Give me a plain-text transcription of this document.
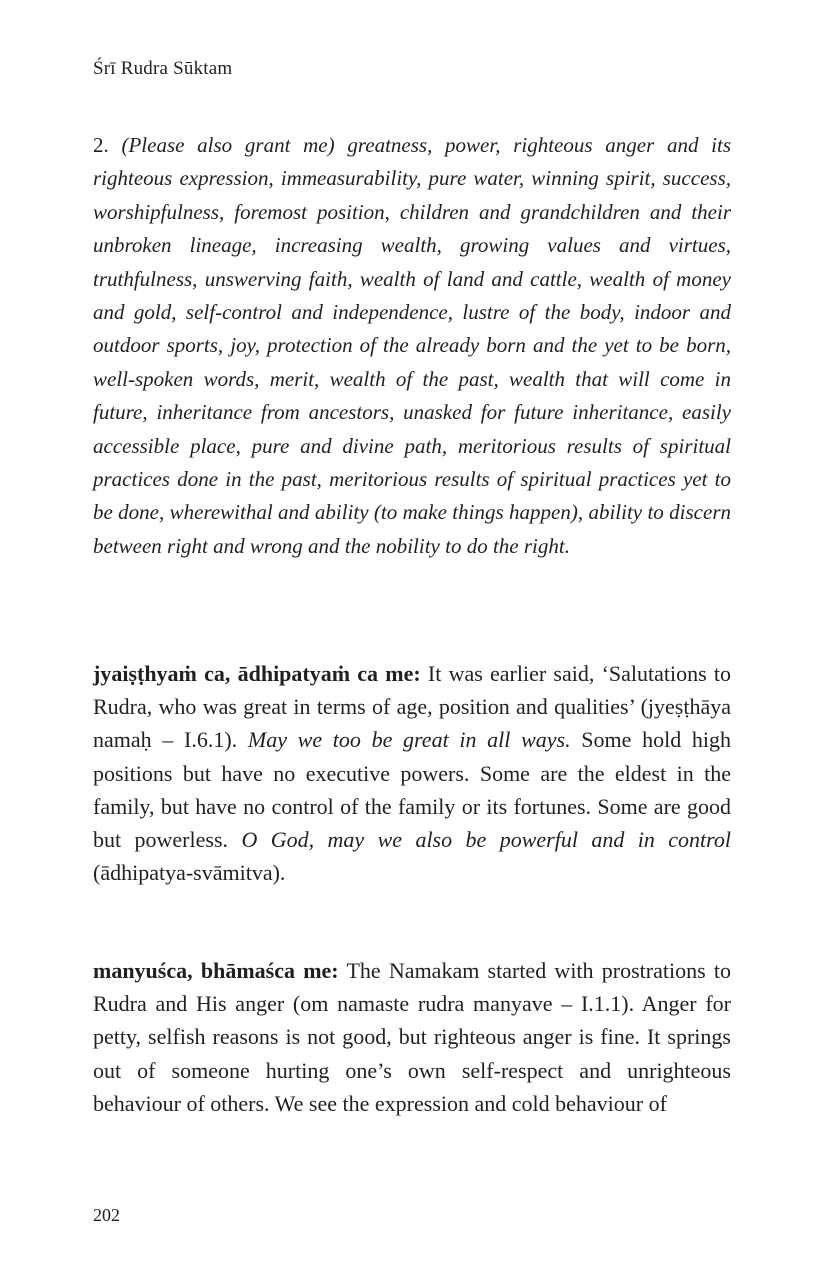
Śrī Rudra Sūktam

2. (Please also grant me) greatness, power, righteous anger and its righteous expression, immeasurability, pure water, winning spirit, success, worshipfulness, foremost position, children and grandchildren and their unbroken lineage, increasing wealth, growing values and virtues, truthfulness, unswerving faith, wealth of land and cattle, wealth of money and gold, self-control and independence, lustre of the body, indoor and outdoor sports, joy, protection of the already born and the yet to be born, well-spoken words, merit, wealth of the past, wealth that will come in future, inheritance from ancestors, unasked for future inheritance, easily accessible place, pure and divine path, meritorious results of spiritual practices done in the past, meritorious results of spiritual practices yet to be done, wherewithal and ability (to make things happen), ability to discern between right and wrong and the nobility to do the right.

jyaiṣṭhyaṁ ca, ādhipatyaṁ ca me: It was earlier said, ‘Salutations to Rudra, who was great in terms of age, position and qualities’ (jyeṣṭhāya namaḥ – I.6.1). May we too be great in all ways. Some hold high positions but have no executive powers. Some are the eldest in the family, but have no control of the family or its fortunes. Some are good but powerless. O God, may we also be powerful and in control (ādhipatya-svāmitva).

manyuśca, bhāmaśca me: The Namakam started with prostrations to Rudra and His anger (om namaste rudra manyave – I.1.1). Anger for petty, selfish reasons is not good, but righteous anger is fine. It springs out of someone hurting one’s own self-respect and unrighteous behaviour of others. We see the expression and cold behaviour of

202
